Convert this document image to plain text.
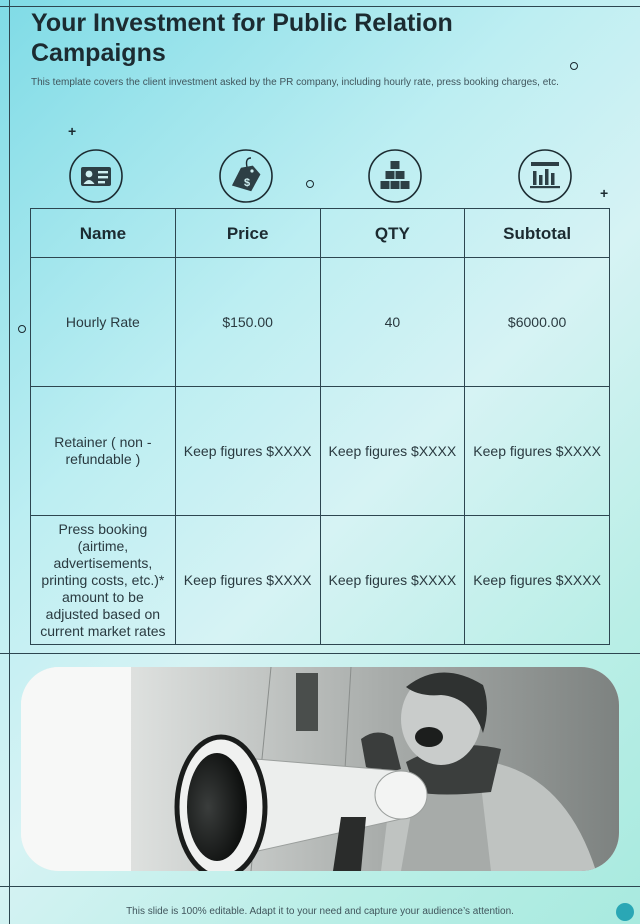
Your Investment for Public Relation Campaigns
This template covers the client investment asked by the PR company, including hourly rate, press booking charges, etc.
+
+
$
Name	Price	QTY	Subtotal
Hourly Rate	$150.00	40	$6000.00
Retainer ( non - refundable )	Keep figures $XXXX	Keep figures $XXXX	Keep figures $XXXX
Press booking (airtime, advertisements, printing costs, etc.)* amount to be adjusted based on current market rates	Keep figures $XXXX	Keep figures $XXXX	Keep figures $XXXX
This slide is 100% editable. Adapt it to your need and capture your audience’s attention.
